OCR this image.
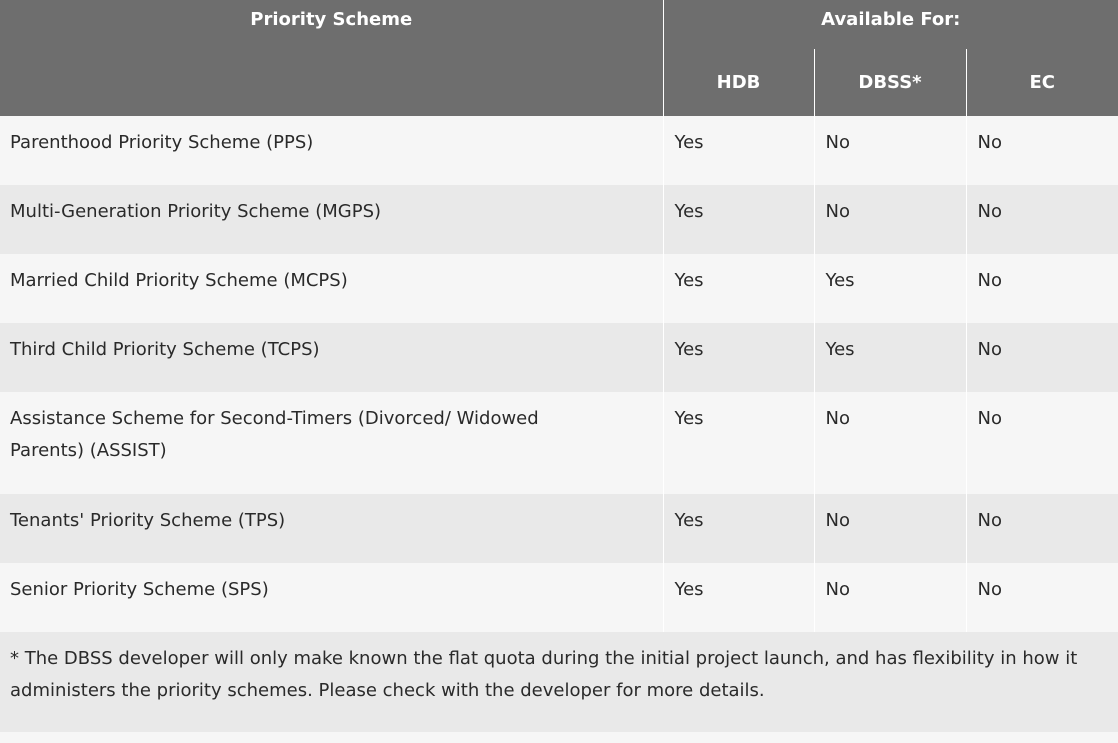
Priority Scheme	Available For:		
	HDB	DBSS*	EC
Parenthood Priority Scheme (PPS)	Yes	No	No
Multi-Generation Priority Scheme (MGPS)	Yes	No	No
Married Child Priority Scheme (MCPS)	Yes	Yes	No
Third Child Priority Scheme (TCPS)	Yes	Yes	No
Assistance Scheme for Second-Timers (Divorced/ Widowed Parents) (ASSIST)	Yes	No	No
Tenants' Priority Scheme (TPS)	Yes	No	No
Senior Priority Scheme (SPS)	Yes	No	No
* The DBSS developer will only make known the flat quota during the initial project launch, and has flexibility in how it administers the priority schemes. Please check with the developer for more details.			
